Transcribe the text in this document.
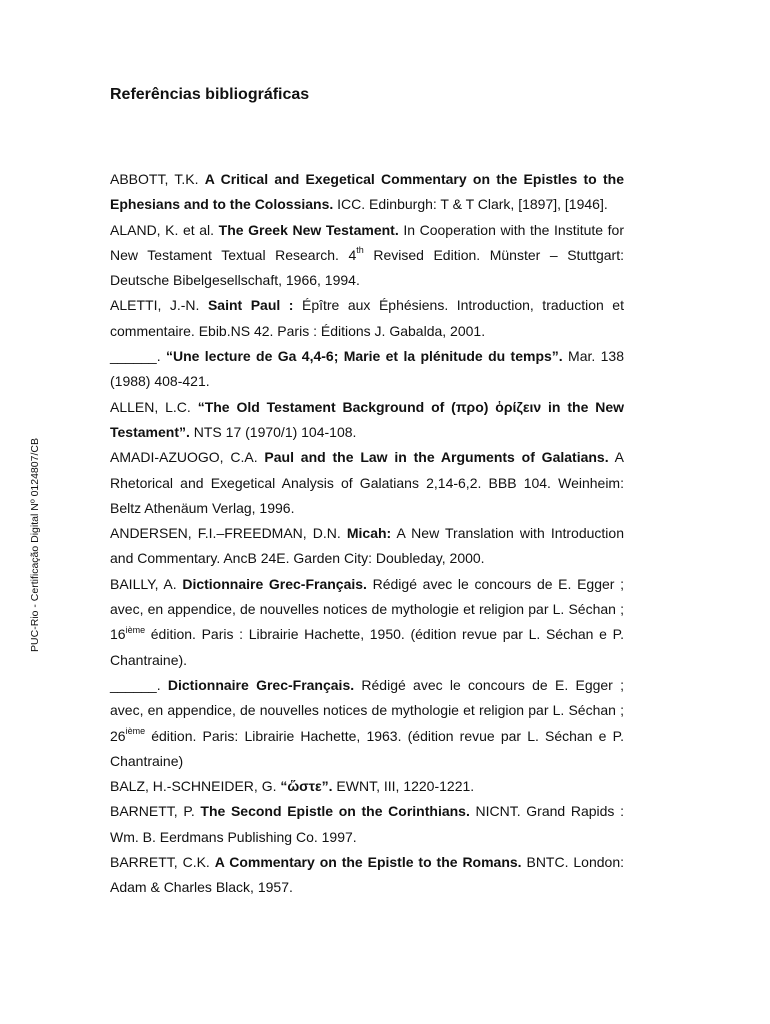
Referências bibliográficas
PUC-Rio - Certificação Digital Nº 0124807/CB

ABBOTT, T.K. A Critical and Exegetical Commentary on the Epistles to the Ephesians and to the Colossians. ICC. Edinburgh: T & T Clark, [1897], [1946].

ALAND, K. et al. The Greek New Testament. In Cooperation with the Institute for New Testament Textual Research. 4th Revised Edition. Münster – Stuttgart: Deutsche Bibelgesellschaft, 1966, 1994.

ALETTI, J.-N. Saint Paul : Épître aux Éphésiens. Introduction, traduction et commentaire. Ebib.NS 42. Paris : Éditions J. Gabalda, 2001.

______. “Une lecture de Ga 4,4-6; Marie et la plénitude du temps”. Mar. 138 (1988) 408-421.

ALLEN, L.C. “The Old Testament Background of (προ) ὁρίζειν in the New Testament”. NTS 17 (1970/1) 104-108.

AMADI-AZUOGO, C.A. Paul and the Law in the Arguments of Galatians. A Rhetorical and Exegetical Analysis of Galatians 2,14-6,2. BBB 104. Weinheim: Beltz Athenäum Verlag, 1996.

ANDERSEN, F.I.–FREEDMAN, D.N. Micah: A New Translation with Introduction and Commentary. AncB 24E. Garden City: Doubleday, 2000.

BAILLY, A. Dictionnaire Grec-Français. Rédigé avec le concours de E. Egger ; avec, en appendice, de nouvelles notices de mythologie et religion par L. Séchan ; 16ième édition. Paris : Librairie Hachette, 1950. (édition revue par L. Séchan e P. Chantraine).

______. Dictionnaire Grec-Français. Rédigé avec le concours de E. Egger ; avec, en appendice, de nouvelles notices de mythologie et religion par L. Séchan ; 26ième édition. Paris: Librairie Hachette, 1963. (édition revue par L. Séchan e P. Chantraine)

BALZ, H.-SCHNEIDER, G. “ὥστε”. EWNT, III, 1220-1221.

BARNETT, P. The Second Epistle on the Corinthians. NICNT. Grand Rapids : Wm. B. Eerdmans Publishing Co. 1997.

BARRETT, C.K. A Commentary on the Epistle to the Romans. BNTC. London: Adam & Charles Black, 1957.
